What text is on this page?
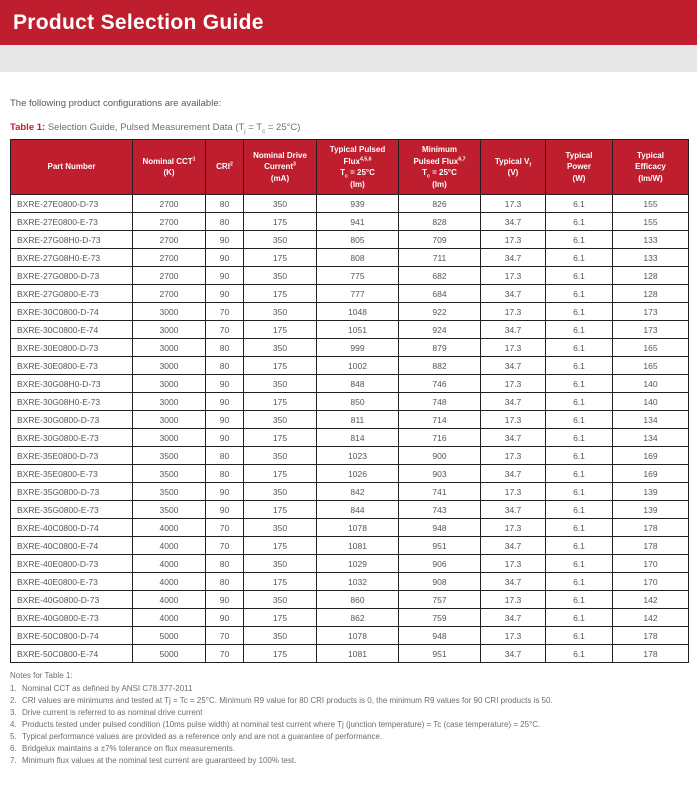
Product Selection Guide

The following product configurations are available:

Table 1: Selection Guide, Pulsed Measurement Data $(T_j = T_c = 25^\circ C)$

Part Number	Nominal CCT$^1$
(K)	CRI$^2$	Nominal Drive
Current$^3$
(mA)	Typical Pulsed
Flux$^{4,5,6}$
$T_c = 25^\circ C$
(lm)	Minimum
Pulsed Flux$^{6,7}$
$T_c = 25^\circ C$
(lm)	Typical $V_f$
(V)	Typical
Power
(W)	Typical
Efficacy
(lm/W)
BXRE-27E0800-D-73	2700	80	350	939	826	17.3	6.1	155
BXRE-27E0800-E-73	2700	80	175	941	828	34.7	6.1	155
BXRE-27G08H0-D-73	2700	90	350	805	709	17.3	6.1	133
BXRE-27G08H0-E-73	2700	90	175	808	711	34.7	6.1	133
BXRE-27G0800-D-73	2700	90	350	775	682	17.3	6.1	128
BXRE-27G0800-E-73	2700	90	175	777	684	34.7	6.1	128
BXRE-30C0800-D-74	3000	70	350	1048	922	17.3	6.1	173
BXRE-30C0800-E-74	3000	70	175	1051	924	34.7	6.1	173
BXRE-30E0800-D-73	3000	80	350	999	879	17.3	6.1	165
BXRE-30E0800-E-73	3000	80	175	1002	882	34.7	6.1	165
BXRE-30G08H0-D-73	3000	90	350	848	746	17.3	6.1	140
BXRE-30G08H0-E-73	3000	90	175	850	748	34.7	6.1	140
BXRE-30G0800-D-73	3000	90	350	811	714	17.3	6.1	134
BXRE-30G0800-E-73	3000	90	175	814	716	34.7	6.1	134
BXRE-35E0800-D-73	3500	80	350	1023	900	17.3	6.1	169
BXRE-35E0800-E-73	3500	80	175	1026	903	34.7	6.1	169
BXRE-35G0800-D-73	3500	90	350	842	741	17.3	6.1	139
BXRE-35G0800-E-73	3500	90	175	844	743	34.7	6.1	139
BXRE-40C0800-D-74	4000	70	350	1078	948	17.3	6.1	178
BXRE-40C0800-E-74	4000	70	175	1081	951	34.7	6.1	178
BXRE-40E0800-D-73	4000	80	350	1029	906	17.3	6.1	170
BXRE-40E0800-E-73	4000	80	175	1032	908	34.7	6.1	170
BXRE-40G0800-D-73	4000	90	350	860	757	17.3	6.1	142
BXRE-40G0800-E-73	4000	90	175	862	759	34.7	6.1	142
BXRE-50C0800-D-74	5000	70	350	1078	948	17.3	6.1	178
BXRE-50C0800-E-74	5000	70	175	1081	951	34.7	6.1	178
Notes for Table 1:
1. Nominal CCT as defined by ANSI C78.377-2011
2. CRI values are minimums and tested at Tj = Tc = 25°C. Minimum R9 value for 80 CRI products is 0, the minimum R9 values for 90 CRI products is 50.
3. Drive current is referred to as nominal drive current
4. Products tested under pulsed condition (10ms pulse width) at nominal test current where Tj (junction temperature) = Tc (case temperature) = 25°C.
5. Typical performance values are provided as a reference only and are not a guarantee of performance.
6. Bridgelux maintains a ±7% tolerance on flux measurements.
7. Minimum flux values at the nominal test current are guaranteed by 100% test.
